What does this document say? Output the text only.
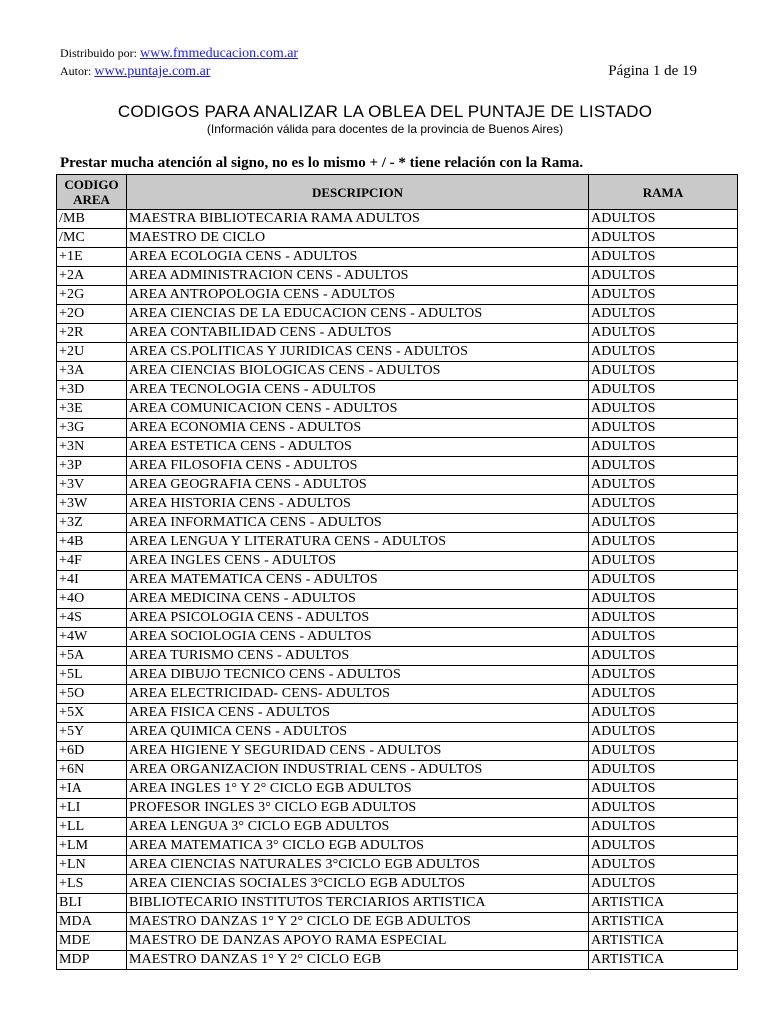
Distribuido por: www.fmmeducacion.com.ar
Autor: www.puntaje.com.ar	Página 1 de 19
CODIGOS PARA ANALIZAR LA OBLEA DEL PUNTAJE DE LISTADO
(Información válida para docentes de la provincia de Buenos Aires)
Prestar mucha atención al signo, no es lo mismo + / - * tiene relación con la Rama.
CODIGO
AREA	DESCRIPCION	RAMA
/MB	MAESTRA BIBLIOTECARIA RAMA ADULTOS	ADULTOS
/MC	MAESTRO DE CICLO	ADULTOS
+1E	AREA ECOLOGIA CENS - ADULTOS	ADULTOS
+2A	AREA ADMINISTRACION CENS - ADULTOS	ADULTOS
+2G	AREA ANTROPOLOGIA CENS - ADULTOS	ADULTOS
+2O	AREA CIENCIAS DE LA EDUCACION CENS - ADULTOS	ADULTOS
+2R	AREA CONTABILIDAD CENS - ADULTOS	ADULTOS
+2U	AREA CS.POLITICAS Y JURIDICAS CENS - ADULTOS	ADULTOS
+3A	AREA CIENCIAS BIOLOGICAS CENS - ADULTOS	ADULTOS
+3D	AREA TECNOLOGIA CENS - ADULTOS	ADULTOS
+3E	AREA COMUNICACION CENS - ADULTOS	ADULTOS
+3G	AREA ECONOMIA CENS - ADULTOS	ADULTOS
+3N	AREA ESTETICA CENS - ADULTOS	ADULTOS
+3P	AREA FILOSOFIA CENS - ADULTOS	ADULTOS
+3V	AREA GEOGRAFIA CENS - ADULTOS	ADULTOS
+3W	AREA HISTORIA CENS - ADULTOS	ADULTOS
+3Z	AREA INFORMATICA CENS - ADULTOS	ADULTOS
+4B	AREA LENGUA Y LITERATURA CENS - ADULTOS	ADULTOS
+4F	AREA INGLES CENS - ADULTOS	ADULTOS
+4I	AREA MATEMATICA CENS - ADULTOS	ADULTOS
+4O	AREA MEDICINA CENS - ADULTOS	ADULTOS
+4S	AREA PSICOLOGIA CENS - ADULTOS	ADULTOS
+4W	AREA SOCIOLOGIA CENS - ADULTOS	ADULTOS
+5A	AREA TURISMO CENS - ADULTOS	ADULTOS
+5L	AREA DIBUJO TECNICO CENS - ADULTOS	ADULTOS
+5O	AREA ELECTRICIDAD- CENS- ADULTOS	ADULTOS
+5X	AREA FISICA CENS - ADULTOS	ADULTOS
+5Y	AREA QUIMICA CENS - ADULTOS	ADULTOS
+6D	AREA HIGIENE Y SEGURIDAD CENS - ADULTOS	ADULTOS
+6N	AREA ORGANIZACION INDUSTRIAL CENS - ADULTOS	ADULTOS
+IA	AREA INGLES 1° Y 2° CICLO EGB ADULTOS	ADULTOS
+LI	PROFESOR INGLES 3° CICLO EGB ADULTOS	ADULTOS
+LL	AREA LENGUA 3° CICLO EGB ADULTOS	ADULTOS
+LM	AREA MATEMATICA 3° CICLO EGB ADULTOS	ADULTOS
+LN	AREA CIENCIAS NATURALES 3°CICLO EGB ADULTOS	ADULTOS
+LS	AREA CIENCIAS SOCIALES 3°CICLO EGB ADULTOS	ADULTOS
BLI	BIBLIOTECARIO INSTITUTOS TERCIARIOS ARTISTICA	ARTISTICA
MDA	MAESTRO DANZAS 1° Y 2° CICLO DE EGB ADULTOS	ARTISTICA
MDE	MAESTRO DE DANZAS APOYO RAMA ESPECIAL	ARTISTICA
MDP	MAESTRO DANZAS 1° Y 2° CICLO EGB	ARTISTICA
